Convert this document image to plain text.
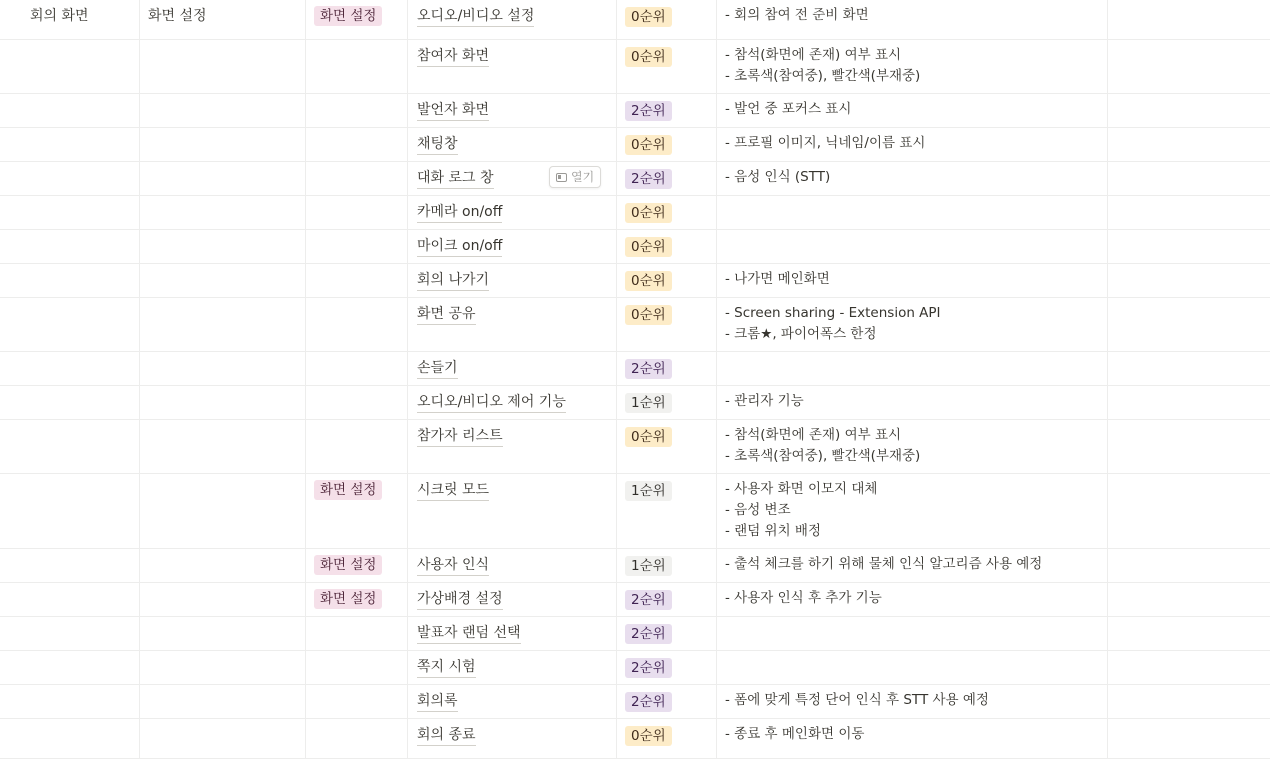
회의 화면	화면 설정	화면 설정	오디오/비디오 설정	0순위	- 회의 참여 전 준비 화면
참여자 화면	0순위	- 참석(화면에 존재) 여부 표시
- 초록색(참여중), 빨간색(부재중)
발언자 화면	2순위	- 발언 중 포커스 표시
채팅창	0순위	- 프로필 이미지, 닉네임/이름 표시
대화 로그 창	열기	2순위	- 음성 인식 (STT)
카메라 on/off	0순위
마이크 on/off	0순위
회의 나가기	0순위	- 나가면 메인화면
화면 공유	0순위	- Screen sharing - Extension API
- 크롬★, 파이어폭스 한정
손들기	2순위
오디오/비디오 제어 기능	1순위	- 관리자 기능
참가자 리스트	0순위	- 참석(화면에 존재) 여부 표시
- 초록색(참여중), 빨간색(부재중)
화면 설정	시크릿 모드	1순위	- 사용자 화면 이모지 대체
- 음성 변조
- 랜덤 위치 배정
화면 설정	사용자 인식	1순위	- 출석 체크를 하기 위해 물체 인식 알고리즘 사용 예정
화면 설정	가상배경 설정	2순위	- 사용자 인식 후 추가 기능
발표자 랜덤 선택	2순위
쪽지 시험	2순위
회의록	2순위	- 폼에 맞게 특정 단어 인식 후 STT 사용 예정
회의 종료	0순위	- 종료 후 메인화면 이동
